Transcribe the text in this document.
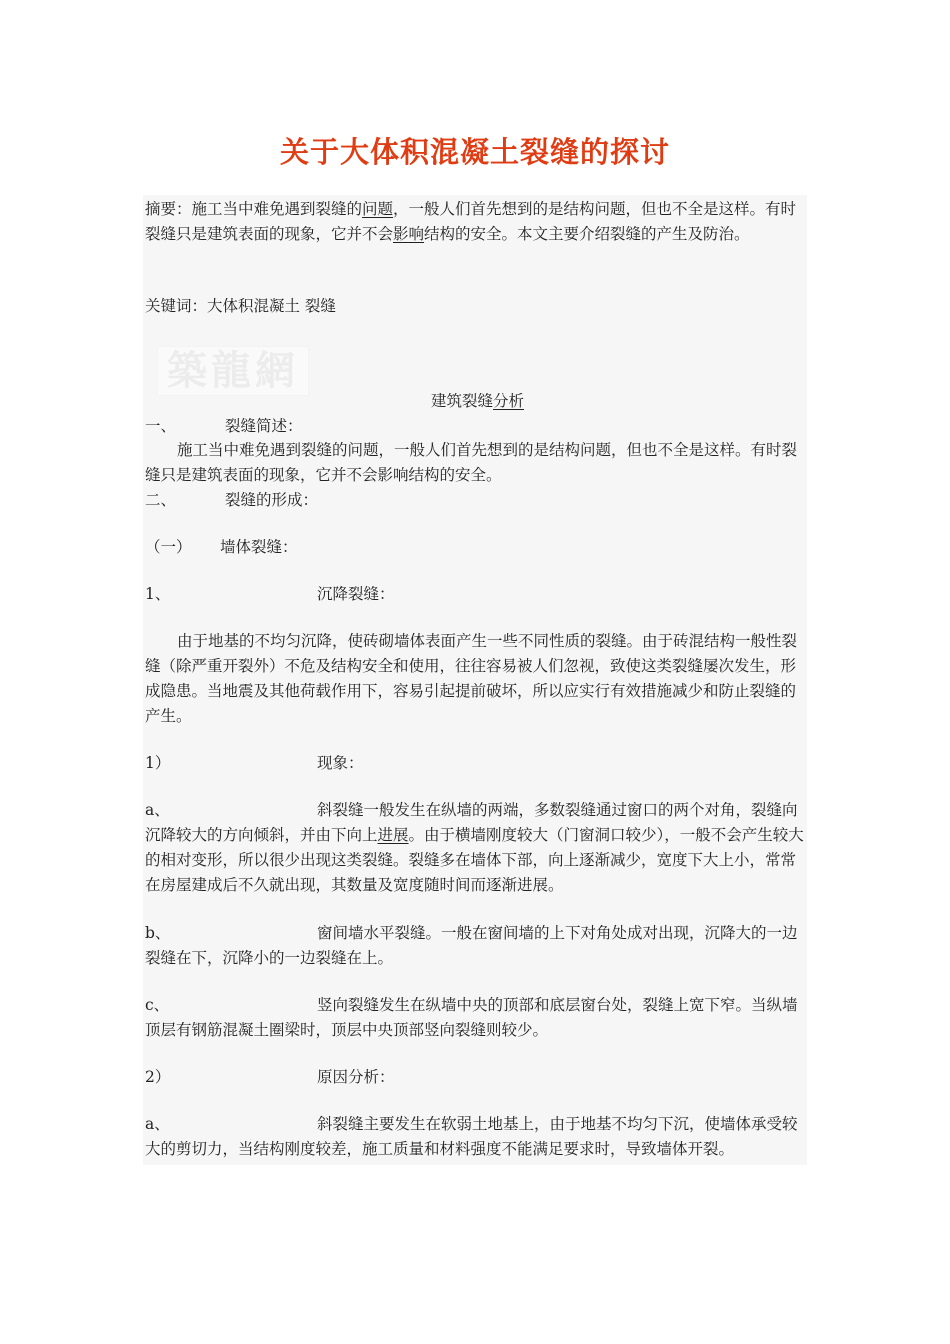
关于大体积混凝土裂缝的探讨
摘要：施工当中难免遇到裂缝的问题，一般人们首先想到的是结构问题，但也不全是这样。有时裂缝只是建筑表面的现象，它并不会影响结构的安全。本文主要介绍裂缝的产生及防治。
关键词：大体积混凝土 裂缝
築龍網
建筑裂缝分析
一、	裂缝简述：
施工当中难免遇到裂缝的问题，一般人们首先想到的是结构问题，但也不全是这样。有时裂缝只是建筑表面的现象，它并不会影响结构的安全。
二、	裂缝的形成：
（一） 墙体裂缝：
1、	沉降裂缝：
由于地基的不均匀沉降，使砖砌墙体表面产生一些不同性质的裂缝。由于砖混结构一般性裂缝（除严重开裂外）不危及结构安全和使用，往往容易被人们忽视，致使这类裂缝屡次发生，形成隐患。当地震及其他荷载作用下，容易引起提前破坏，所以应实行有效措施减少和防止裂缝的产生。
1）	现象：
a、	斜裂缝一般发生在纵墙的两端，多数裂缝通过窗口的两个对角，裂缝向沉降较大的方向倾斜，并由下向上进展。由于横墙刚度较大（门窗洞口较少），一般不会产生较大的相对变形，所以很少出现这类裂缝。裂缝多在墙体下部，向上逐渐减少，宽度下大上小，常常在房屋建成后不久就出现，其数量及宽度随时间而逐渐进展。
b、	窗间墙水平裂缝。一般在窗间墙的上下对角处成对出现，沉降大的一边裂缝在下，沉降小的一边裂缝在上。
c、	竖向裂缝发生在纵墙中央的顶部和底层窗台处，裂缝上宽下窄。当纵墙顶层有钢筋混凝土圈梁时，顶层中央顶部竖向裂缝则较少。
2）	原因分析：
a、	斜裂缝主要发生在软弱土地基上，由于地基不均匀下沉，使墙体承受较大的剪切力，当结构刚度较差，施工质量和材料强度不能满足要求时，导致墙体开裂。
